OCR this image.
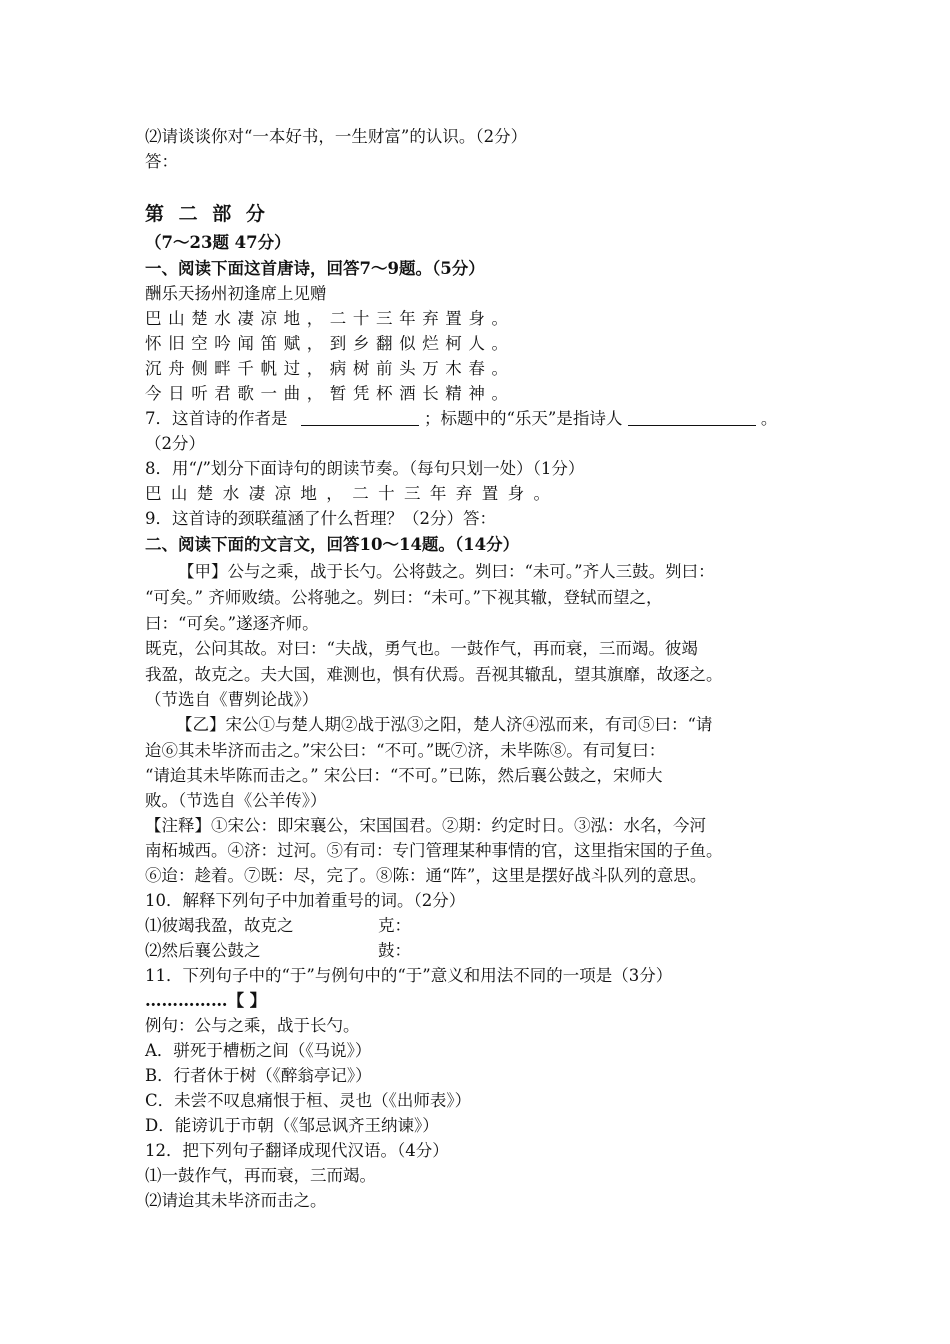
⑵请谈谈你对“一本好书，一生财富”的认识。（2分）
答：
第 二 部 分
（7～23题 47分）
一、阅读下面这首唐诗，回答7～9题。（5分）
酬乐天扬州初逢席上见赠
巴山楚水凄凉地，二十三年弃置身。
怀旧空吟闻笛赋，到乡翻似烂柯人。
沉舟侧畔千帆过，病树前头万木春。
今日听君歌一曲，暂凭杯酒长精神。
7．这首诗的作者是	；标题中的“乐天”是指诗人	。
（2分）
8．用“/”划分下面诗句的朗读节奏。（每句只划一处）（1分）
巴山楚水凄凉地，二十三年弃置身。
9．这首诗的颈联蕴涵了什么哲理？（2分）答：
二、阅读下面的文言文，回答10～14题。（14分）
【甲】公与之乘，战于长勺。公将鼓之。刿曰：“未可。”齐人三鼓。刿曰：
“可矣。” 齐师败绩。公将驰之。刿曰：“未可。”下视其辙，登轼而望之，
曰：“可矣。”遂逐齐师。
既克，公问其故。对曰：“夫战，勇气也。一鼓作气，再而衰，三而竭。彼竭
我盈，故克之。夫大国，难测也，惧有伏焉。吾视其辙乱，望其旗靡，故逐之。
（节选自《曹刿论战》）
【乙】宋公①与楚人期②战于泓③之阳，楚人济④泓而来，有司⑤曰：“请
迨⑥其未毕济而击之。”宋公曰：“不可。”既⑦济，未毕陈⑧。有司复曰：
“请迨其未毕陈而击之。” 宋公曰：“不可。”已陈，然后襄公鼓之，宋师大
败。（节选自《公羊传》）
【注释】①宋公：即宋襄公，宋国国君。②期：约定时日。③泓：水名，今河
南柘城西。④济：过河。⑤有司：专门管理某种事情的官，这里指宋国的子鱼。
⑥迨：趁着。⑦既：尽，完了。⑧陈：通“阵”，这里是摆好战斗队列的意思。
10．解释下列句子中加着重号的词。（2分）
⑴彼竭我盈，故克之	克：
⑵然后襄公鼓之	鼓：
11．下列句子中的“于”与例句中的“于”意义和用法不同的一项是（3分）
……………【 】
例句：公与之乘，战于长勺。
A．骈死于槽枥之间（《马说》）
B．行者休于树（《醉翁亭记》）
C．未尝不叹息痛恨于桓、灵也（《出师表》）
D．能谤讥于市朝（《邹忌讽齐王纳谏》）
12．把下列句子翻译成现代汉语。（4分）
⑴一鼓作气，再而衰，三而竭。
⑵请迨其未毕济而击之。
